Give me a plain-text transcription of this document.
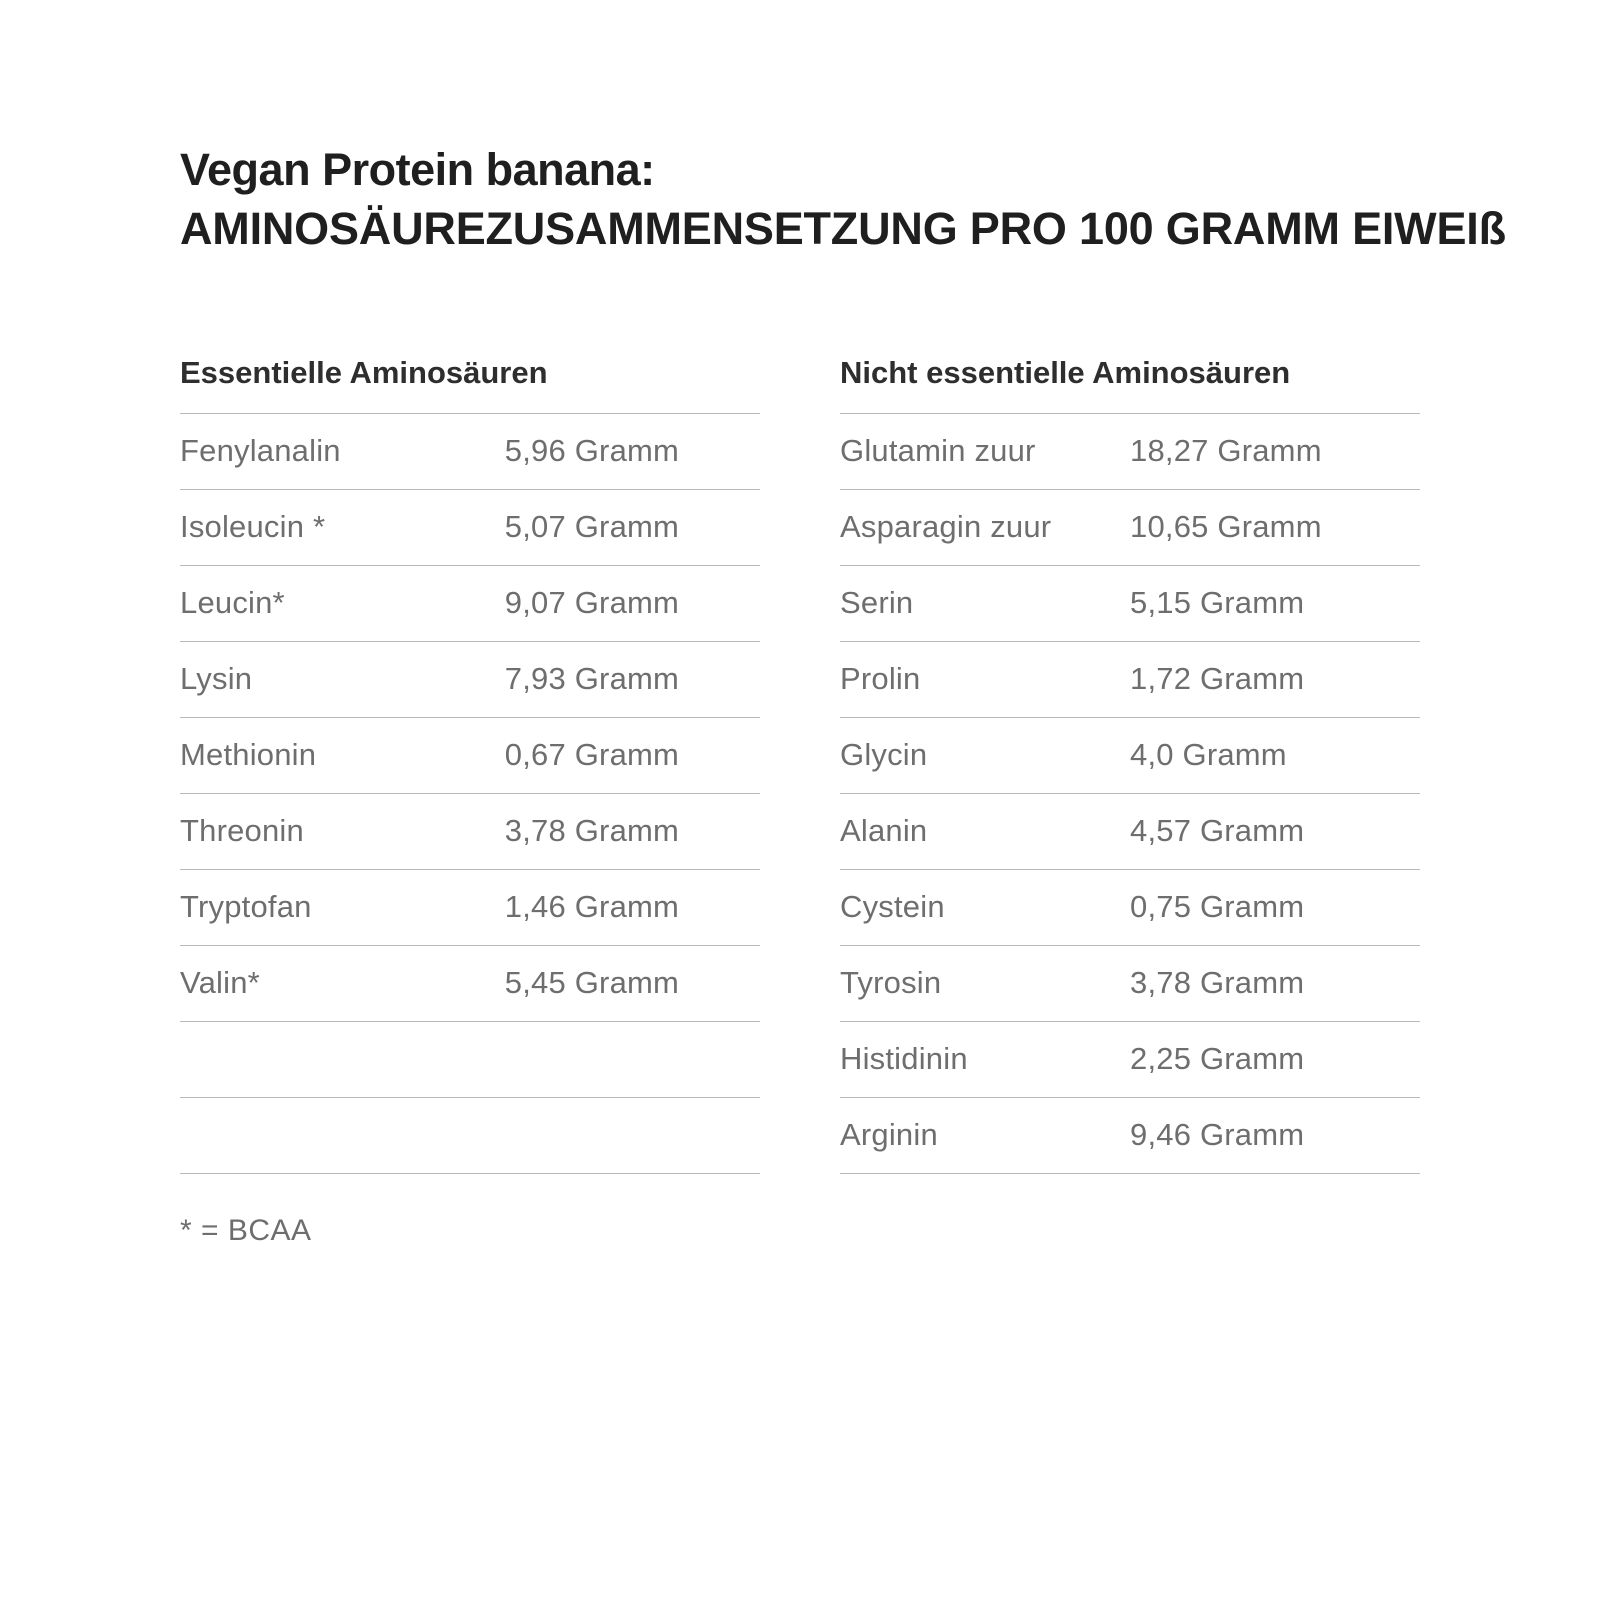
Vegan Protein banana:
AMINOSÄUREZUSAMMENSETZUNG PRO 100 GRAMM EIWEIß
Essentielle Aminosäuren
Fenylanalin	5,96 Gramm
Isoleucin *	5,07 Gramm
Leucin*	9,07 Gramm
Lysin	7,93 Gramm
Methionin	0,67 Gramm
Threonin	3,78 Gramm
Tryptofan	1,46 Gramm
Valin*	5,45 Gramm

Nicht essentielle Aminosäuren
Glutamin zuur	18,27 Gramm
Asparagin zuur	10,65 Gramm
Serin	5,15 Gramm
Prolin	1,72 Gramm
Glycin	4,0 Gramm
Alanin	4,57 Gramm
Cystein	0,75 Gramm
Tyrosin	3,78 Gramm
Histidinin	2,25 Gramm
Arginin	9,46 Gramm
* = BCAA
